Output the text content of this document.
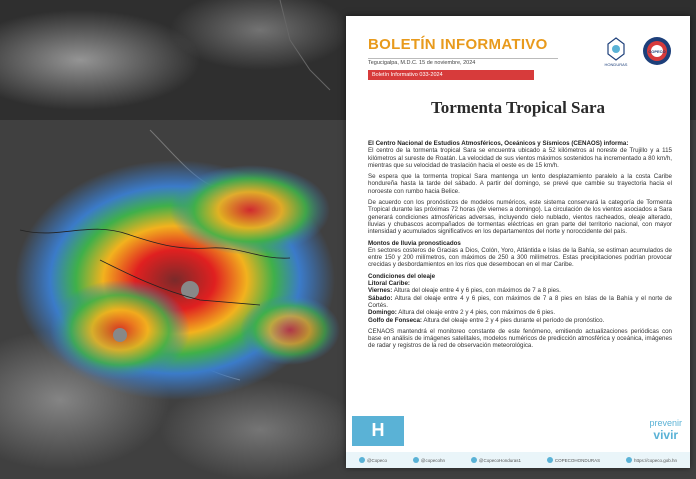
BOLETÍN INFORMATIVO
Tegucigalpa, M.D.C. 15 de noviembre, 2024
Boletín Informativo 033-2024
HONDURAS
COPECO
Tormenta Tropical Sara

El Centro Nacional de Estudios Atmosféricos, Oceánicos y Sísmicos (CENAOS) informa:
El centro de la tormenta tropical Sara se encuentra ubicado a 52 kilómetros al noreste de Trujillo y a 115 kilómetros al sureste de Roatán. La velocidad de sus vientos máximos sostenidos ha incrementado a 80 km/h, mientras que su velocidad de traslación hacia el oeste es de 15 km/h.

Se espera que la tormenta tropical Sara mantenga un lento desplazamiento paralelo a la costa Caribe hondureña hasta la tarde del sábado. A partir del domingo, se prevé que cambie su trayectoria hacia el noroeste con rumbo hacia Belice.

De acuerdo con los pronósticos de modelos numéricos, este sistema conservará la categoría de Tormenta Tropical durante las próximas 72 horas (de viernes a domingo). La circulación de los vientos asociados a Sara generará condiciones atmosféricas adversas, incluyendo cielo nublado, vientos racheados, oleaje alterado, lluvias y chubascos acompañados de tormentas eléctricas en gran parte del territorio nacional, con mayor intensidad y acumulados significativos en los departamentos del norte y noroccidente del país.

Montos de lluvia pronosticados
En sectores costeros de Gracias a Dios, Colón, Yoro, Atlántida e Islas de la Bahía, se estiman acumulados de entre 150 y 200 milímetros, con máximos de 250 a 300 milímetros. Estas precipitaciones podrían provocar crecidas y desbordamientos en los ríos que desembocan en el mar Caribe.

Condiciones del oleaje
Litoral Caribe:
Viernes: Altura del oleaje entre 4 y 6 pies, con máximos de 7 a 8 pies.
Sábado: Altura del oleaje entre 4 y 6 pies, con máximos de 7 a 8 pies en Islas de la Bahía y el norte de Cortés.
Domingo: Altura del oleaje entre 2 y 4 pies, con máximos de 6 pies.
Golfo de Fonseca: Altura del oleaje entre 2 y 4 pies durante el período de pronóstico.

CENAOS mantendrá el monitoreo constante de este fenómeno, emitiendo actualizaciones periódicas con base en análisis de imágenes satelitales, modelos numéricos de predicción atmosférica y oceánica, imágenes de radar y registros de la red de observación meteorológica.

H	prevenir
vivir
@Copeco	@copecohn	@CopecoHonduras1	COPECOHONDURAS	https://copeco.gob.hn
